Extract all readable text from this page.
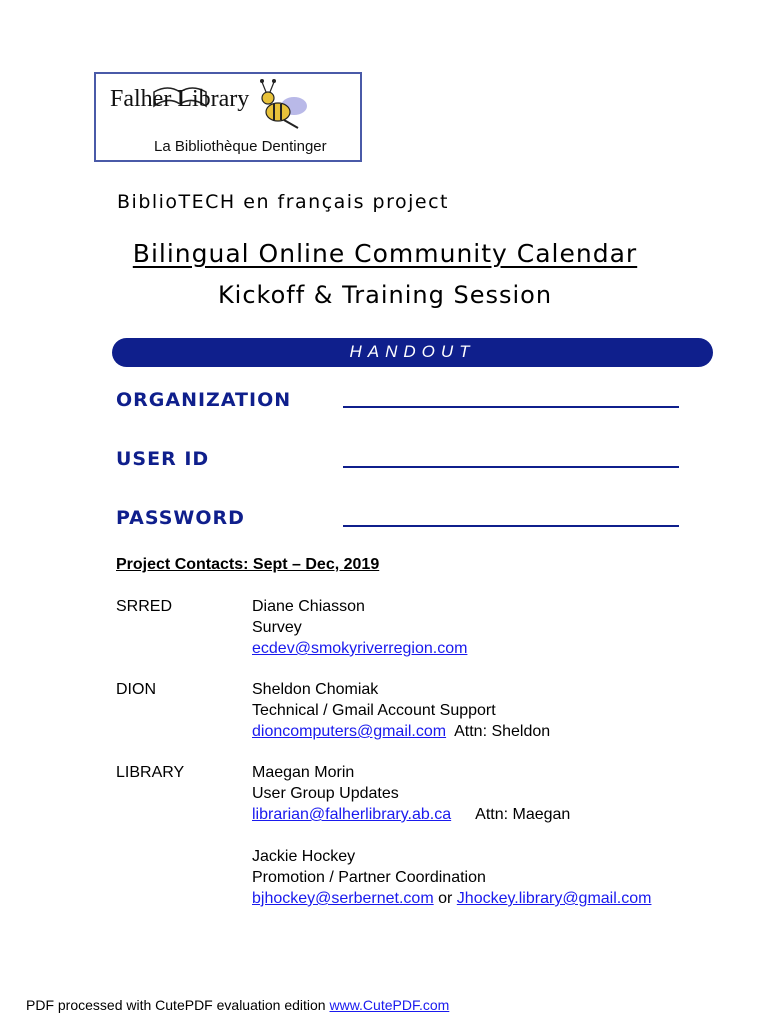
Falher Library
La Bibliothèque Dentinger
BiblioTECH en français project
Bilingual Online Community Calendar
Kickoff & Training Session
HANDOUT
ORGANIZATION
USER ID
PASSWORD
Project Contacts: Sept – Dec, 2019
SRRED	Diane Chiasson
Survey
ecdev@smokyriverregion.com
DION	Sheldon Chomiak
Technical / Gmail Account Support
dioncomputers@gmail.com Attn: Sheldon
LIBRARY	Maegan Morin
User Group Updates
librarian@falherlibrary.ab.ca Attn: Maegan
Jackie Hockey
Promotion / Partner Coordination
bjhockey@serbernet.com or Jhockey.library@gmail.com
PDF processed with CutePDF evaluation edition www.CutePDF.com
